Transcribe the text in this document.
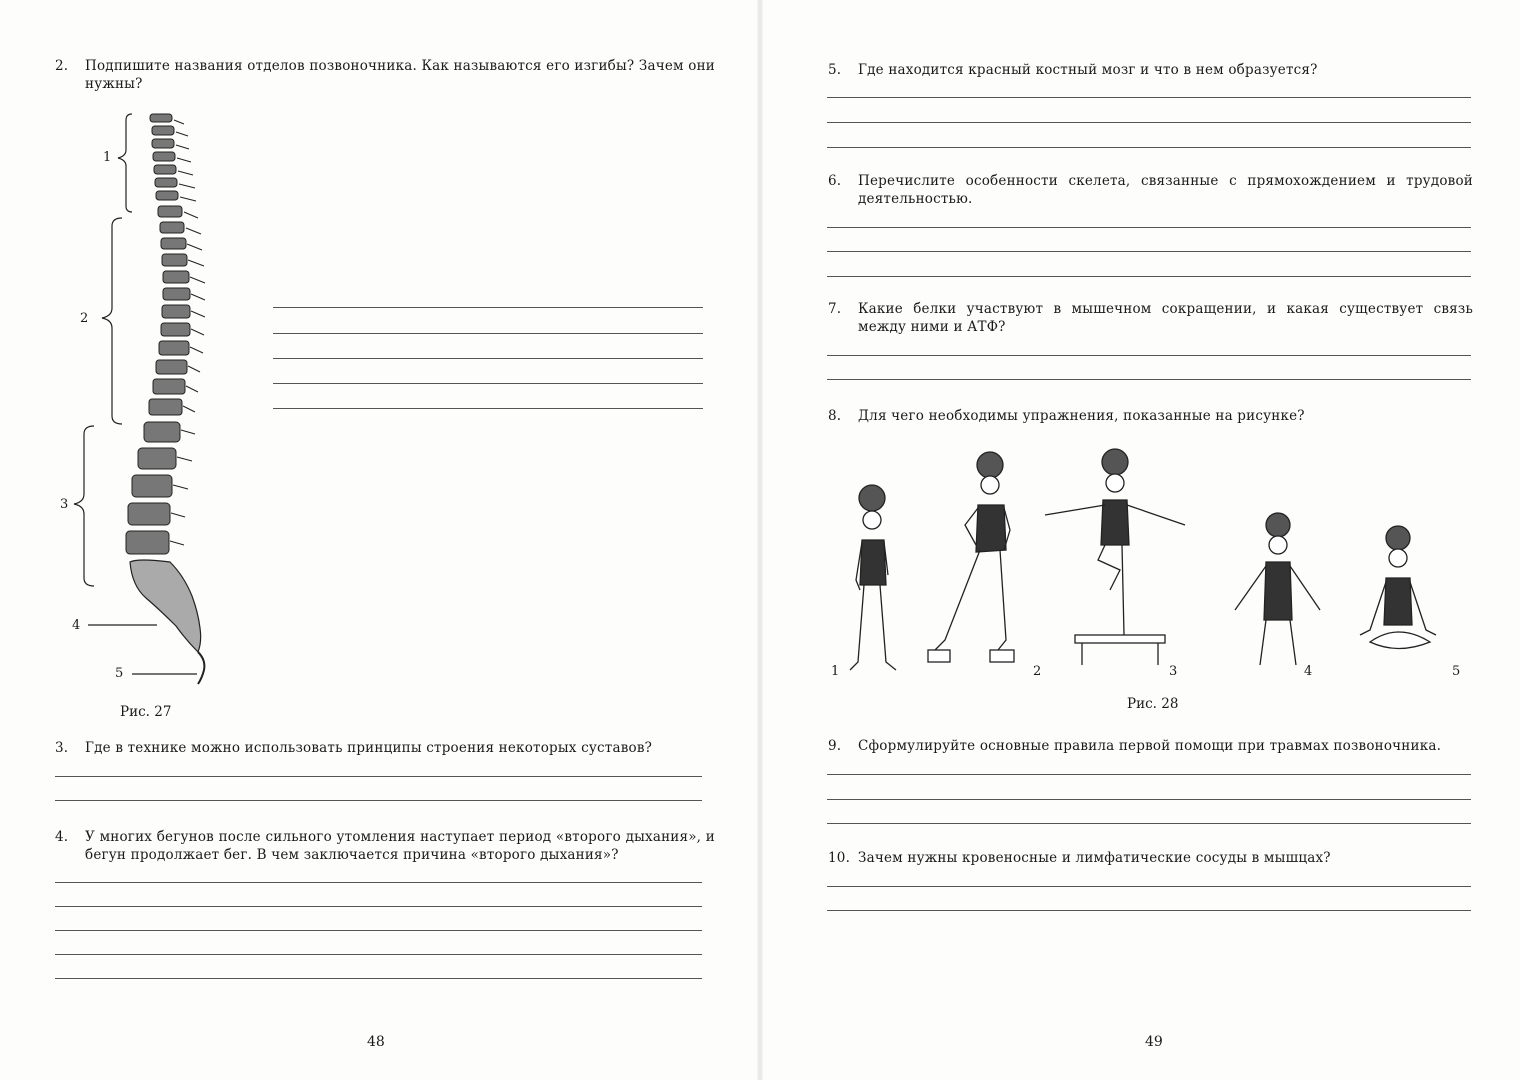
2. Подпишите названия отделов позвоночника. Как называются его изгибы? Зачем они нужны?
1
2
3
4
5
Рис. 27
3. Где в технике можно использовать принципы строения некоторых суставов?
4. У многих бегунов после сильного утомления наступает период «второго дыхания», и бегун продолжает бег. В чем заключается причина «второго дыхания»?
48
5. Где находится красный костный мозг и что в нем образуется?
6. Перечислите особенности скелета, связанные с прямохождением и трудовой деятельностью.
7. Какие белки участвуют в мышечном сокращении, и какая существует связь между ними и АТФ?
8. Для чего необходимы упражнения, показанные на рисунке?
1	2	3	4	5
Рис. 28
9. Сформулируйте основные правила первой помощи при травмах позвоночника.
10. Зачем нужны кровеносные и лимфатические сосуды в мышцах?
49
